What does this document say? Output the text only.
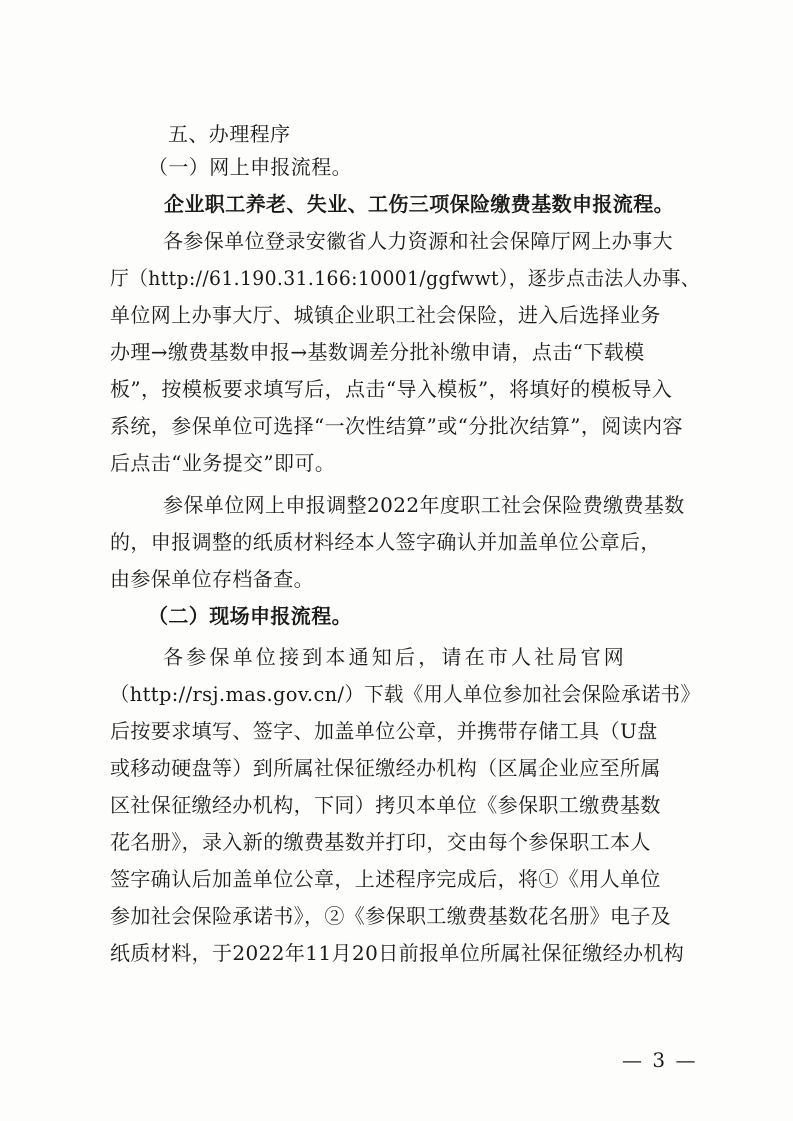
五、办理程序
（一）网上申报流程。
企业职工养老、失业、工伤三项保险缴费基数申报流程。
各参保单位登录安徽省人力资源和社会保障厅网上办事大
厅（http://61.190.31.166:10001/ggfwwt），逐步点击法人办事、
单位网上办事大厅、城镇企业职工社会保险，进入后选择业务
办理→缴费基数申报→基数调差分批补缴申请，点击“下载模
板”，按模板要求填写后，点击“导入模板”，将填好的模板导入
系统，参保单位可选择“一次性结算”或“分批次结算”，阅读内容
后点击“业务提交”即可。
参保单位网上申报调整2022年度职工社会保险费缴费基数
的，申报调整的纸质材料经本人签字确认并加盖单位公章后，
由参保单位存档备查。
（二）现场申报流程。
各参保单位接到本通知后，请在市人社局官网
（http://rsj.mas.gov.cn/）下载《用人单位参加社会保险承诺书》
后按要求填写、签字、加盖单位公章，并携带存储工具（U盘
或移动硬盘等）到所属社保征缴经办机构（区属企业应至所属
区社保征缴经办机构，下同）拷贝本单位《参保职工缴费基数
花名册》，录入新的缴费基数并打印，交由每个参保职工本人
签字确认后加盖单位公章，上述程序完成后，将①《用人单位
参加社会保险承诺书》，②《参保职工缴费基数花名册》电子及
纸质材料，于2022年11月20日前报单位所属社保征缴经办机构
— 3 —
